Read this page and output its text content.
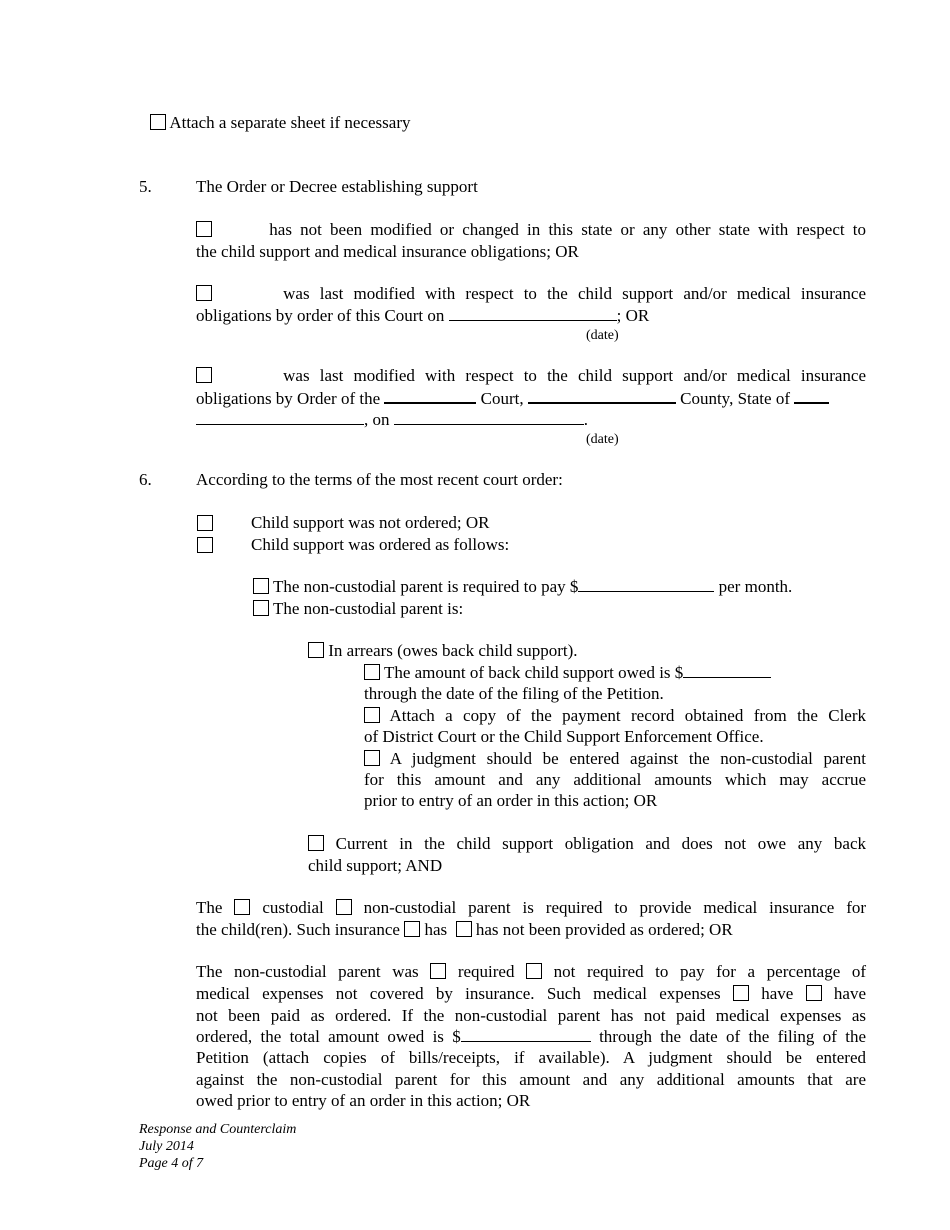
Attach a separate sheet if necessary
5.	The Order or Decree establishing support
has not been modified or changed in this state or any other state with respect to
the child support and medical insurance obligations; OR
was last modified with respect to the child support and/or medical insurance
obligations by order of this Court on	; OR
(date)
was last modified with respect to the child support and/or medical insurance
obligations by Order of the	Court,	County, State of
, on	.
(date)
6.	According to the terms of the most recent court order:
Child support was not ordered; OR
Child support was ordered as follows:
The non-custodial parent is required to pay $	per month.
The non-custodial parent is:
In arrears (owes back child support).
The amount of back child support owed is $
through the date of the filing of the Petition.
Attach a copy of the payment record obtained from the Clerk
of District Court or the Child Support Enforcement Office.
A judgment should be entered against the non-custodial parent
for this amount and any additional amounts which may accrue
prior to entry of an order in this action; OR
Current in the child support obligation and does not owe any back
child support; AND
The custodial non-custodial parent is required to provide medical insurance for
the child(ren). Such insurance has has not been provided as ordered; OR
The non-custodial parent was required not required to pay for a percentage of
medical expenses not covered by insurance. Such medical expenses have have
not been paid as ordered. If the non-custodial parent has not paid medical expenses as
ordered, the total amount owed is $	through the date of the filing of the
Petition (attach copies of bills/receipts, if available). A judgment should be entered
against the non-custodial parent for this amount and any additional amounts that are
owed prior to entry of an order in this action; OR
Response and Counterclaim
July 2014
Page 4 of 7
